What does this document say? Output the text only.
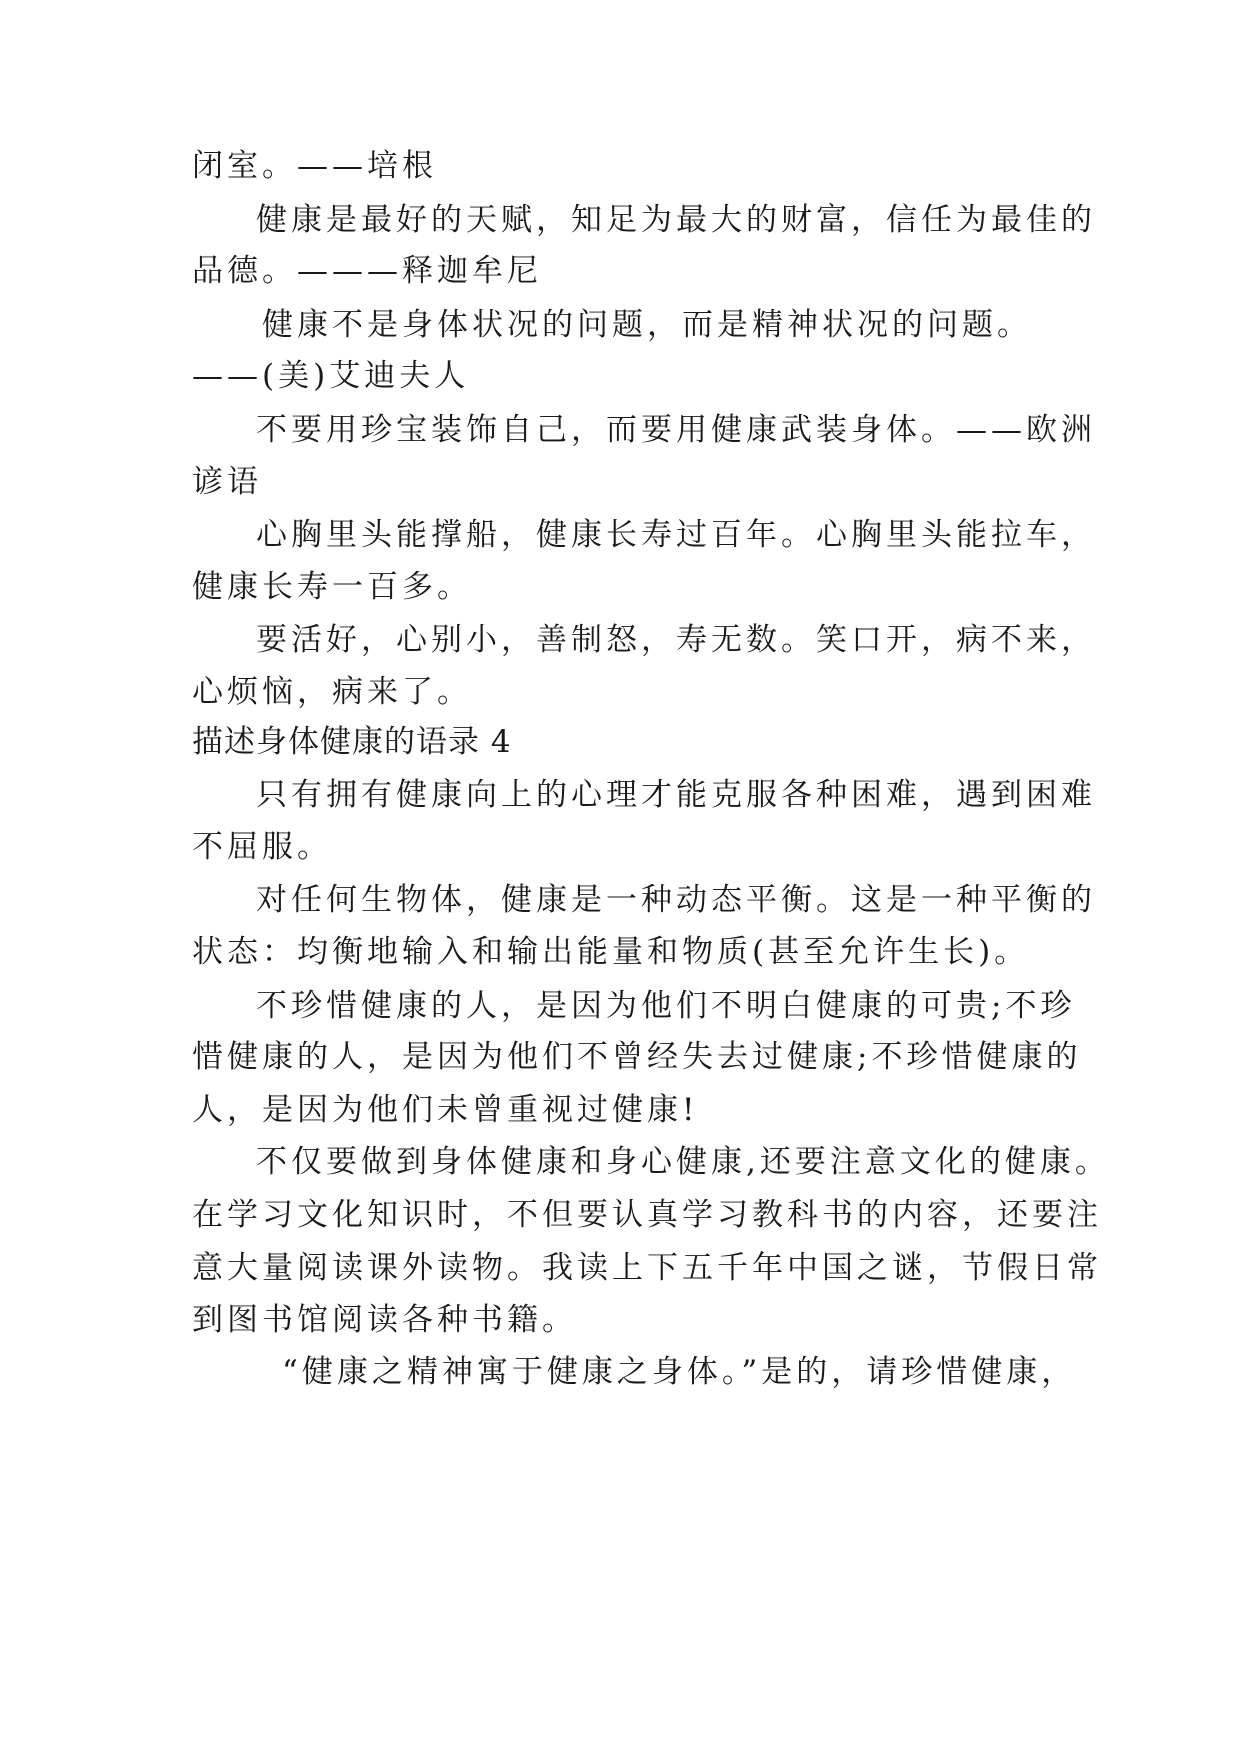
闭室。——培根
健康是最好的天赋，知足为最大的财富，信任为最佳的
品德。———释迦牟尼
健康不是身体状况的问题，而是精神状况的问题。
——(美)艾迪夫人
不要用珍宝装饰自己，而要用健康武装身体。——欧洲
谚语
心胸里头能撑船，健康长寿过百年。心胸里头能拉车，
健康长寿一百多。
要活好，心别小，善制怒，寿无数。笑口开，病不来，
心烦恼，病来了。
描述身体健康的语录 4
只有拥有健康向上的心理才能克服各种困难，遇到困难
不屈服。
对任何生物体，健康是一种动态平衡。这是一种平衡的
状态：均衡地输入和输出能量和物质(甚至允许生长)。
不珍惜健康的人，是因为他们不明白健康的可贵;不珍
惜健康的人，是因为他们不曾经失去过健康;不珍惜健康的
人，是因为他们未曾重视过健康!
不仅要做到身体健康和身心健康,还要注意文化的健康。
在学习文化知识时，不但要认真学习教科书的内容，还要注
意大量阅读课外读物。我读上下五千年中国之谜，节假日常
到图书馆阅读各种书籍。
“健康之精神寓于健康之身体。”是的，请珍惜健康，
